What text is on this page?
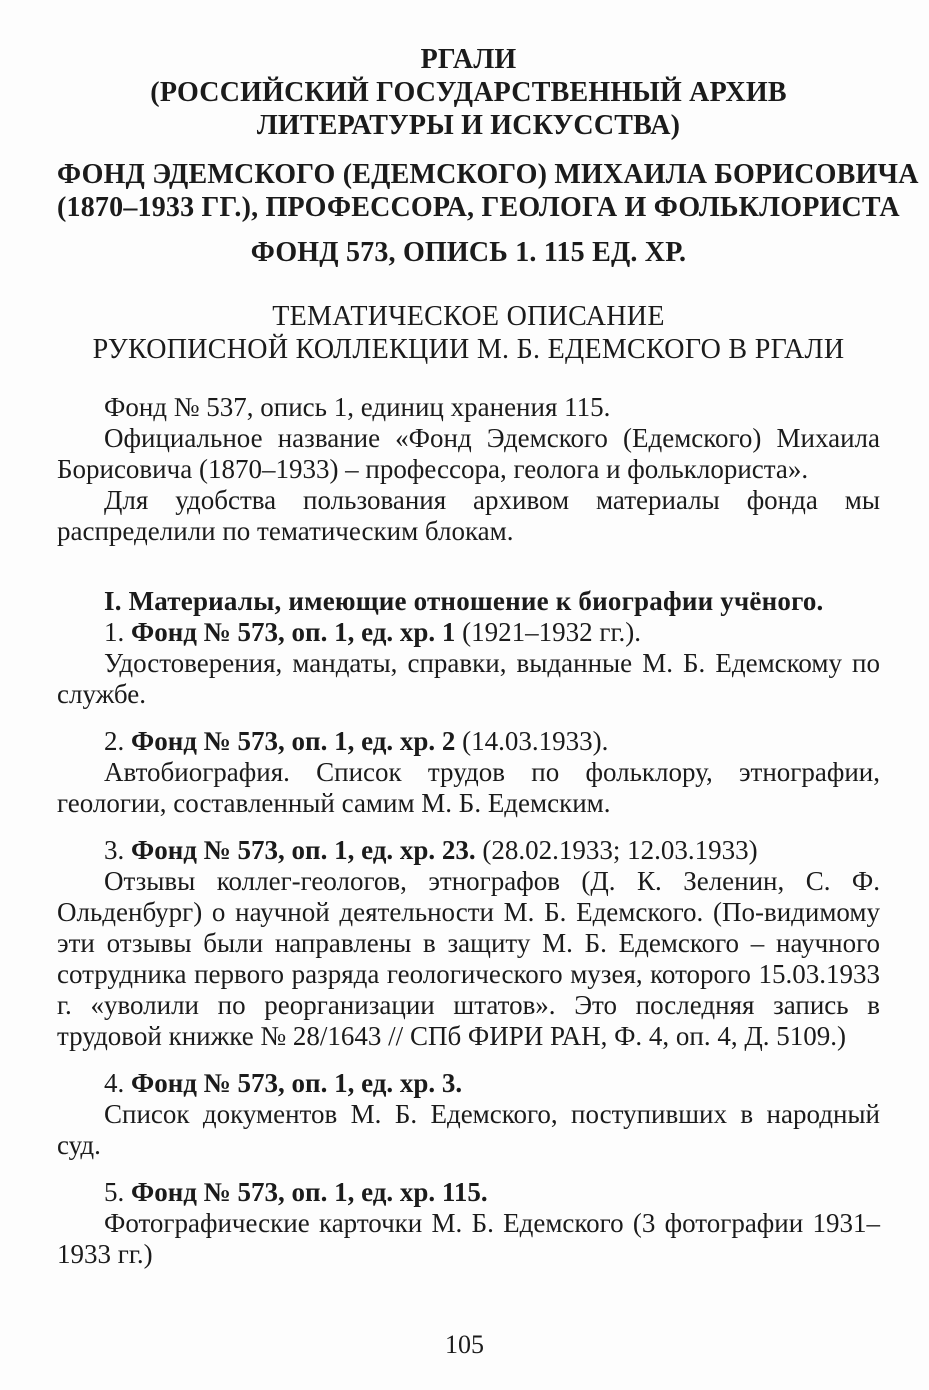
РГАЛИ
(РОССИЙСКИЙ ГОСУДАРСТВЕННЫЙ АРХИВ
ЛИТЕРАТУРЫ И ИСКУССТВА)
ФОНД ЭДЕМСКОГО (ЕДЕМСКОГО) МИХАИЛА БОРИСОВИЧА
(1870–1933 ГГ.), ПРОФЕССОРА, ГЕОЛОГА И ФОЛЬКЛОРИСТА
ФОНД 573, ОПИСЬ 1. 115 ЕД. ХР.
ТЕМАТИЧЕСКОЕ ОПИСАНИЕ
РУКОПИСНОЙ КОЛЛЕКЦИИ М. Б. ЕДЕМСКОГО В РГАЛИ

Фонд № 537, опись 1, единиц хранения 115.

Официальное название «Фонд Эдемского (Едемского) Михаила Борисовича (1870–1933) – профессора, геолога и фольклориста».

Для удобства пользования архивом материалы фонда мы распределили по тематическим блокам.

I. Материалы, имеющие отношение к биографии учёного.

1. Фонд № 573, оп. 1, ед. хр. 1 (1921–1932 гг.).

Удостоверения, мандаты, справки, выданные М. Б. Едемскому по службе.

2. Фонд № 573, оп. 1, ед. хр. 2 (14.03.1933).

Автобиография. Список трудов по фольклору, этнографии, геологии, составленный самим М. Б. Едемским.

3. Фонд № 573, оп. 1, ед. хр. 23. (28.02.1933; 12.03.1933)

Отзывы коллег-геологов, этнографов (Д. К. Зеленин, С. Ф. Ольденбург) о научной деятельности М. Б. Едемского. (По-видимому эти отзывы были направлены в защиту М. Б. Едемского – научного сотрудника первого разряда геологического музея, которого 15.03.1933 г. «уволили по реорганизации штатов». Это последняя запись в трудовой книжке № 28/1643 // СПб ФИРИ РАН, Ф. 4, оп. 4, Д. 5109.)

4. Фонд № 573, оп. 1, ед. хр. 3.

Список документов М. Б. Едемского, поступивших в народный суд.

5. Фонд № 573, оп. 1, ед. хр. 115.

Фотографические карточки М. Б. Едемского (3 фотографии 1931–1933 гг.)

105
